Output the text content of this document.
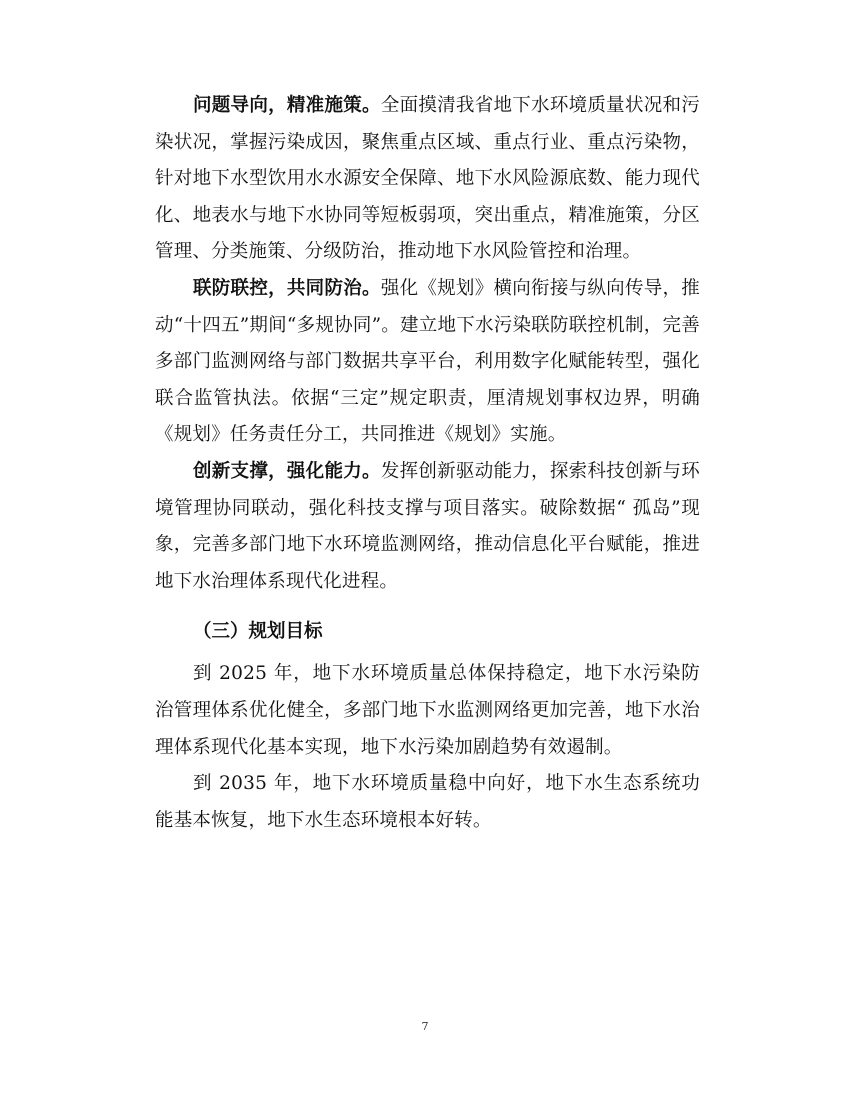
问题导向，精准施策。全面摸清我省地下水环境质量状况和污染状况，掌握污染成因，聚焦重点区域、重点行业、重点污染物，针对地下水型饮用水水源安全保障、地下水风险源底数、能力现代化、地表水与地下水协同等短板弱项，突出重点，精准施策，分区管理、分类施策、分级防治，推动地下水风险管控和治理。

联防联控，共同防治。强化《规划》横向衔接与纵向传导，推动“十四五”期间“多规协同”。建立地下水污染联防联控机制，完善多部门监测网络与部门数据共享平台，利用数字化赋能转型，强化联合监管执法。依据“三定”规定职责，厘清规划事权边界，明确《规划》任务责任分工，共同推进《规划》实施。

创新支撑，强化能力。发挥创新驱动能力，探索科技创新与环境管理协同联动，强化科技支撑与项目落实。破除数据“ 孤岛”现象，完善多部门地下水环境监测网络，推动信息化平台赋能，推进地下水治理体系现代化进程。

（三）规划目标

到 2025 年，地下水环境质量总体保持稳定，地下水污染防治管理体系优化健全，多部门地下水监测网络更加完善，地下水治理体系现代化基本实现，地下水污染加剧趋势有效遏制。

到 2035 年，地下水环境质量稳中向好，地下水生态系统功能基本恢复，地下水生态环境根本好转。

7
